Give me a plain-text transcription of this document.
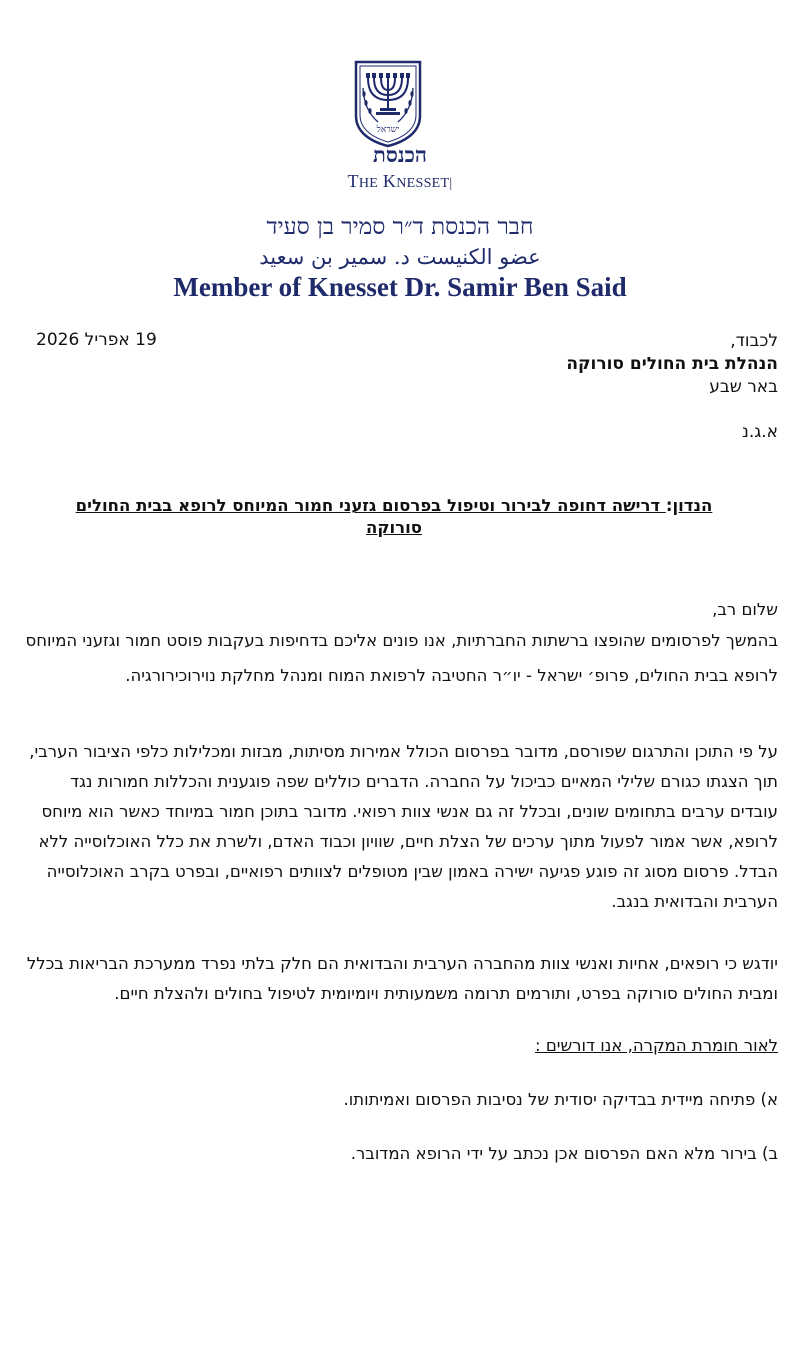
ישראל
הכנסת
THE KNESSET|
חבר הכנסת ד״ר סמיר בן סעיד
عضو الكنيست د. سمير بن سعيد
Member of Knesset Dr. Samir Ben Said
19 אפריל 2026	לכבוד,
הנהלת בית החולים סורוקה
באר שבע
א.ג.נ
הנדון: דרישה דחופה לבירור וטיפול בפרסום גזעני חמור המיוחס לרופא בבית החולים סורוקה

שלום רב,

בהמשך לפרסומים שהופצו ברשתות החברתיות, אנו פונים אליכם בדחיפות בעקבות פוסט חמור וגזעני המיוחס לרופא בבית החולים, פרופ׳ ישראל - יו״ר החטיבה לרפואת המוח ומנהל מחלקת נוירוכירורגיה.

על פי התוכן והתרגום שפורסם, מדובר בפרסום הכולל אמירות מסיתות, מבזות ומכלילות כלפי הציבור הערבי, תוך הצגתו כגורם שלילי המאיים כביכול על החברה. הדברים כוללים שפה פוגענית והכללות חמורות נגד עובדים ערבים בתחומים שונים, ובכלל זה גם אנשי צוות רפואי. מדובר בתוכן חמור במיוחד כאשר הוא מיוחס לרופא, אשר אמור לפעול מתוך ערכים של הצלת חיים, שוויון וכבוד האדם, ולשרת את כלל האוכלוסייה ללא הבדל. פרסום מסוג זה פוגע פגיעה ישירה באמון שבין מטופלים לצוותים רפואיים, ובפרט בקרב האוכלוסייה הערבית והבדואית בנגב.

יודגש כי רופאים, אחיות ואנשי צוות מהחברה הערבית והבדואית הם חלק בלתי נפרד ממערכת הבריאות בכלל ומבית החולים סורוקה בפרט, ותורמים תרומה משמעותית ויומיומית לטיפול בחולים ולהצלת חיים.

לאור חומרת המקרה, אנו דורשים :

א) פתיחה מיידית בבדיקה יסודית של נסיבות הפרסום ואמיתותו.

ב) בירור מלא האם הפרסום אכן נכתב על ידי הרופא המדובר.
